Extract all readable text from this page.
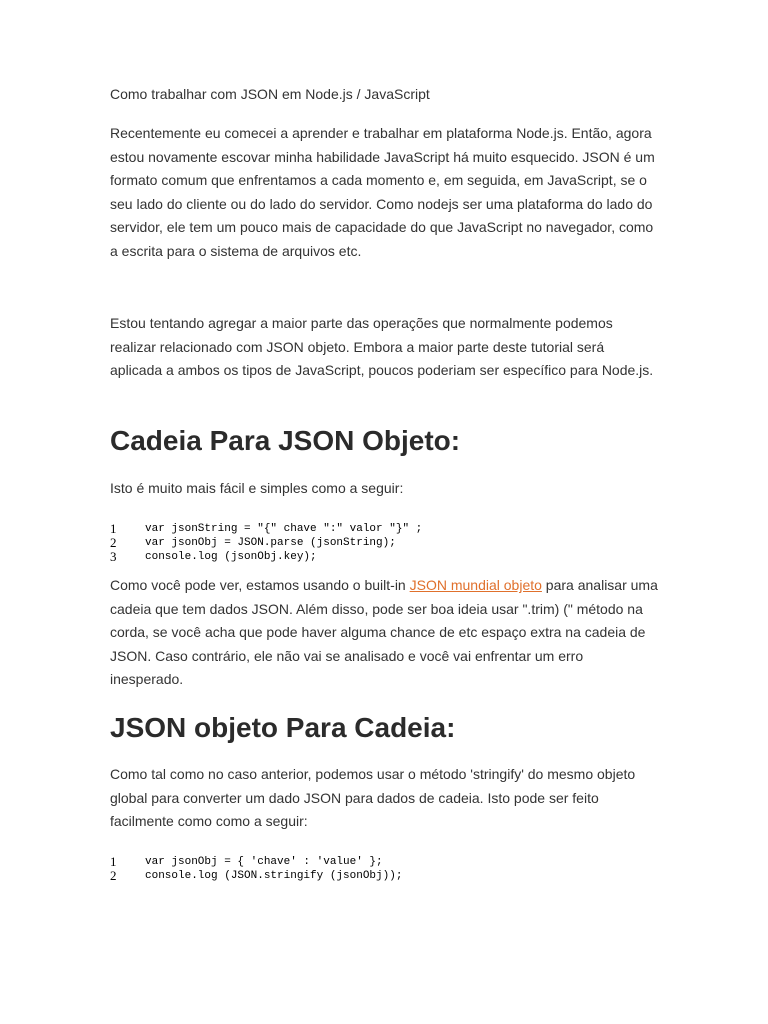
Como trabalhar com JSON em Node.js / JavaScript

Recentemente eu comecei a aprender e trabalhar em plataforma Node.js. Então, agora estou novamente escovar minha habilidade JavaScript há muito esquecido. JSON é um formato comum que enfrentamos a cada momento e, em seguida, em JavaScript, se o seu lado do cliente ou do lado do servidor. Como nodejs ser uma plataforma do lado do servidor, ele tem um pouco mais de capacidade do que JavaScript no navegador, como a escrita para o sistema de arquivos etc.

Estou tentando agregar a maior parte das operações que normalmente podemos realizar relacionado com JSON objeto. Embora a maior parte deste tutorial será aplicada a ambos os tipos de JavaScript, poucos poderiam ser específico para Node.js.

Cadeia Para JSON Objeto:

Isto é muito mais fácil e simples como a seguir:

1	var jsonString = "{" chave ":" valor "}" ;
2	var jsonObj = JSON.parse (jsonString);
3	console.log (jsonObj.key);

Como você pode ver, estamos usando o built-in JSON mundial objeto para analisar uma cadeia que tem dados JSON. Além disso, pode ser boa ideia usar ".trim) (" método na corda, se você acha que pode haver alguma chance de etc espaço extra na cadeia de JSON. Caso contrário, ele não vai se analisado e você vai enfrentar um erro inesperado.

JSON objeto Para Cadeia:

Como tal como no caso anterior, podemos usar o método 'stringify' do mesmo objeto global para converter um dado JSON para dados de cadeia. Isto pode ser feito facilmente como como a seguir:

1	var jsonObj = { 'chave' : 'value' };
2	console.log (JSON.stringify (jsonObj));
